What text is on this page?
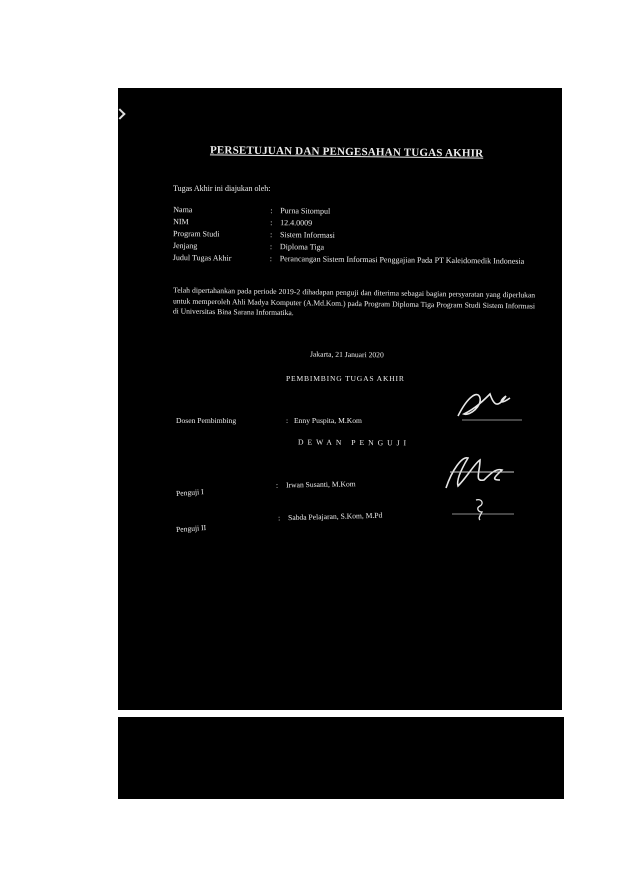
PERSETUJUAN DAN PENGESAHAN TUGAS AKHIR
Tugas Akhir ini diajukan oleh:
Nama	: Purna Sitompul
NIM	: 12.4.0009
Program Studi	: Sistem Informasi
Jenjang	: Diploma Tiga
Judul Tugas Akhir	: Perancangan Sistem Informasi Penggajian Pada PT Kaleidomedik Indonesia
Telah dipertahankan pada periode 2019-2 dihadapan penguji dan diterima sebagai bagian persyaratan yang diperlukan untuk memperoleh Ahli Madya Komputer (A.Md.Kom.) pada Program Diploma Tiga Program Studi Sistem Informasi di Universitas Bina Sarana Informatika.
Jakarta, 21 Januari 2020
PEMBIMBING TUGAS AKHIR
Dosen Pembimbing	: Enny Puspita, M.Kom
DEWAN PENGUJI
Penguji I
: Irwan Susanti, M.Kom
Penguji II
: Sabda Pelajaran, S.Kom, M.Pd
